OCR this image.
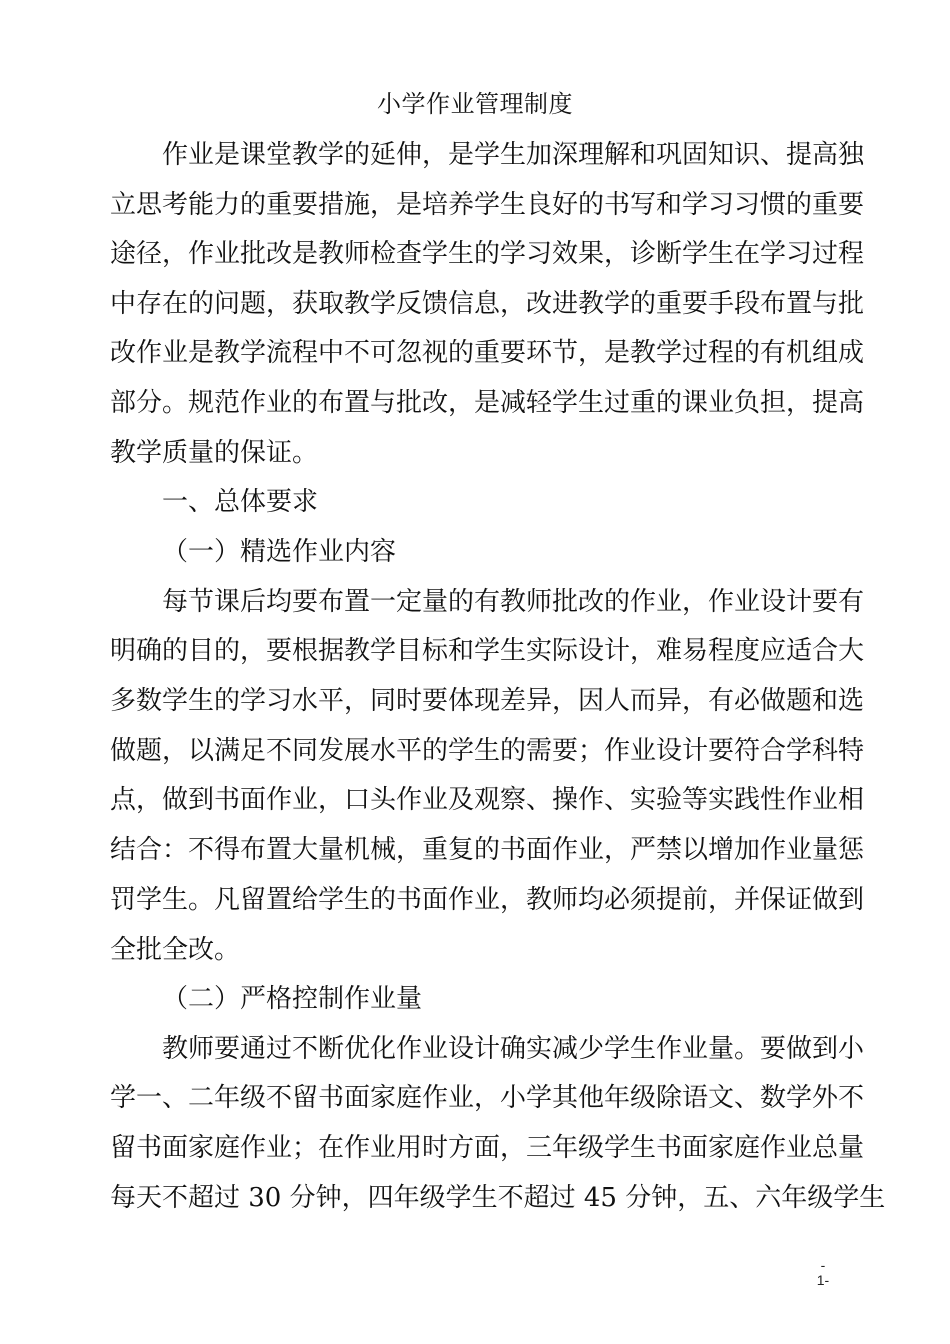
小学作业管理制度
作业是课堂教学的延伸，是学生加深理解和巩固知识、提高独
立思考能力的重要措施，是培养学生良好的书写和学习习惯的重要
途径，作业批改是教师检查学生的学习效果，诊断学生在学习过程
中存在的问题，获取教学反馈信息，改进教学的重要手段布置与批
改作业是教学流程中不可忽视的重要环节，是教学过程的有机组成
部分。规范作业的布置与批改，是减轻学生过重的课业负担，提高
教学质量的保证。
一、总体要求
（一）精选作业内容
每节课后均要布置一定量的有教师批改的作业，作业设计要有
明确的目的，要根据教学目标和学生实际设计，难易程度应适合大
多数学生的学习水平，同时要体现差异，因人而异，有必做题和选
做题，以满足不同发展水平的学生的需要；作业设计要符合学科特
点，做到书面作业，口头作业及观察、操作、实验等实践性作业相
结合：不得布置大量机械，重复的书面作业，严禁以增加作业量惩
罚学生。凡留置给学生的书面作业，教师均必须提前，并保证做到
全批全改。
（二）严格控制作业量
教师要通过不断优化作业设计确实减少学生作业量。要做到小
学一、二年级不留书面家庭作业，小学其他年级除语文、数学外不
留书面家庭作业；在作业用时方面，三年级学生书面家庭作业总量
每天不超过 30 分钟，四年级学生不超过 45 分钟，五、六年级学生
-
1-
